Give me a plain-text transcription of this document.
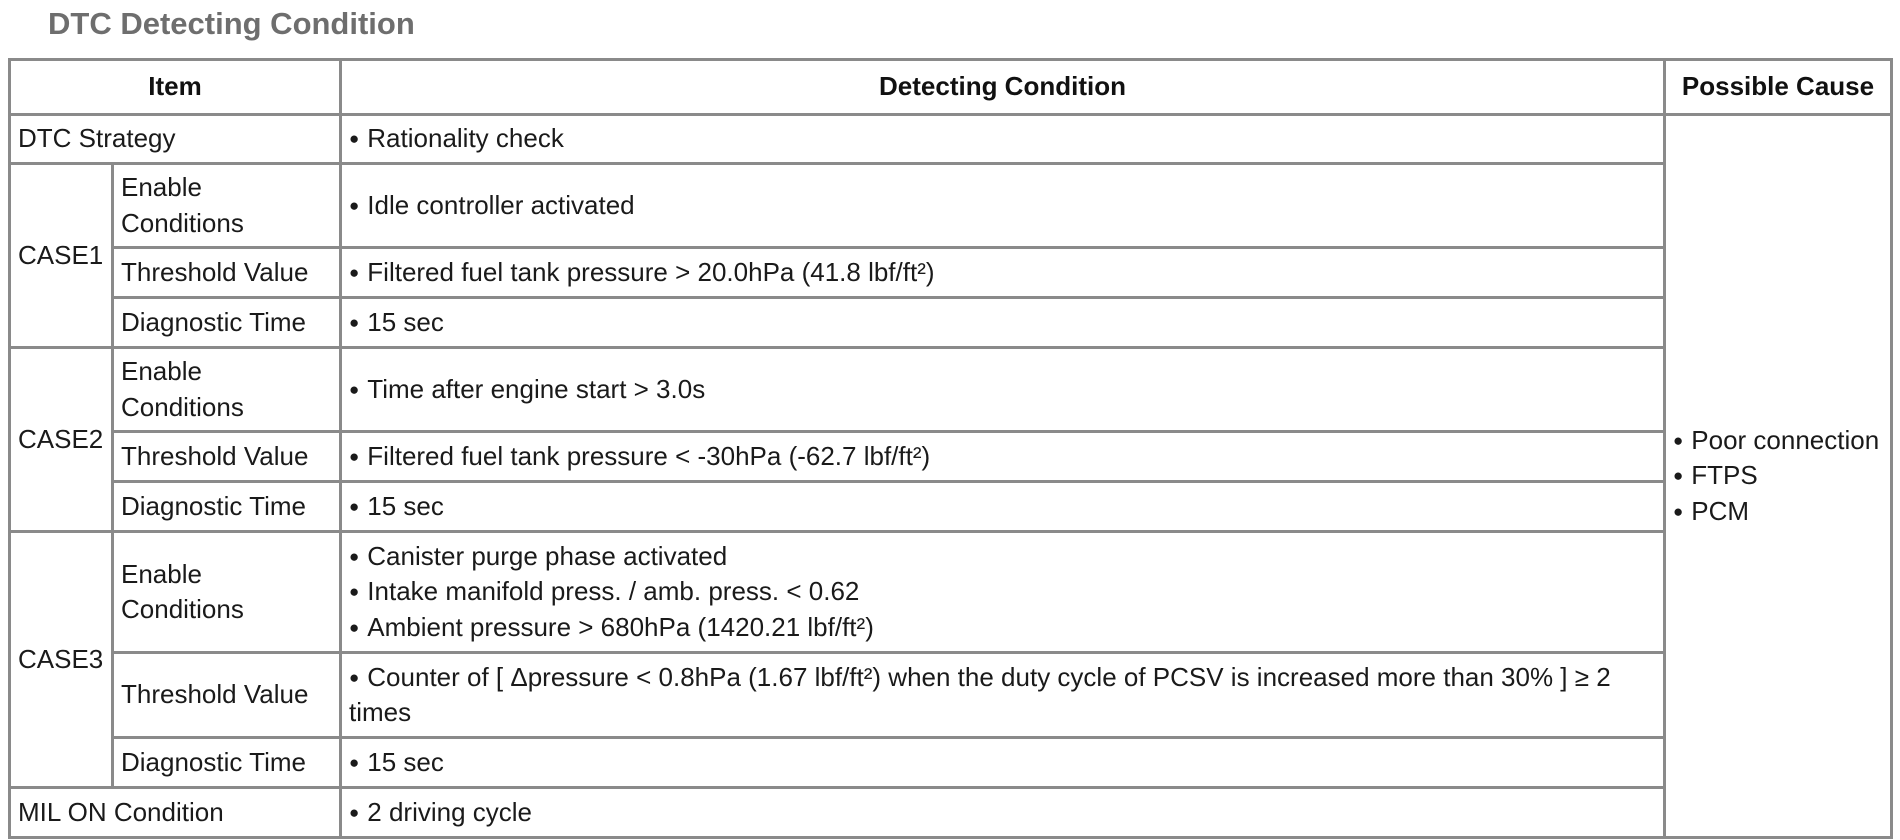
DTC Detecting Condition
Item		Detecting Condition	Possible Cause
DTC Strategy		● Rationality check	● Poor connection
● FTPS
● PCM

CASE1	Enable Conditions	● Idle controller activated
	Threshold Value	● Filtered fuel tank pressure > 20.0hPa (41.8 lbf/ft²)
	Diagnostic Time	● 15 sec
CASE2	Enable Conditions	● Time after engine start > 3.0s
	Threshold Value	● Filtered fuel tank pressure < -30hPa (-62.7 lbf/ft²)
	Diagnostic Time	● 15 sec
CASE3	Enable Conditions	● Canister purge phase activated
● Intake manifold press. / amb. press. < 0.62
● Ambient pressure > 680hPa (1420.21 lbf/ft²)

	Threshold Value	● Counter of [ Δpressure < 0.8hPa (1.67 lbf/ft²) when the duty cycle of PCSV is increased more than 30% ] ≥ 2 times
	Diagnostic Time	● 15 sec
MIL ON Condition		● 2 driving cycle
